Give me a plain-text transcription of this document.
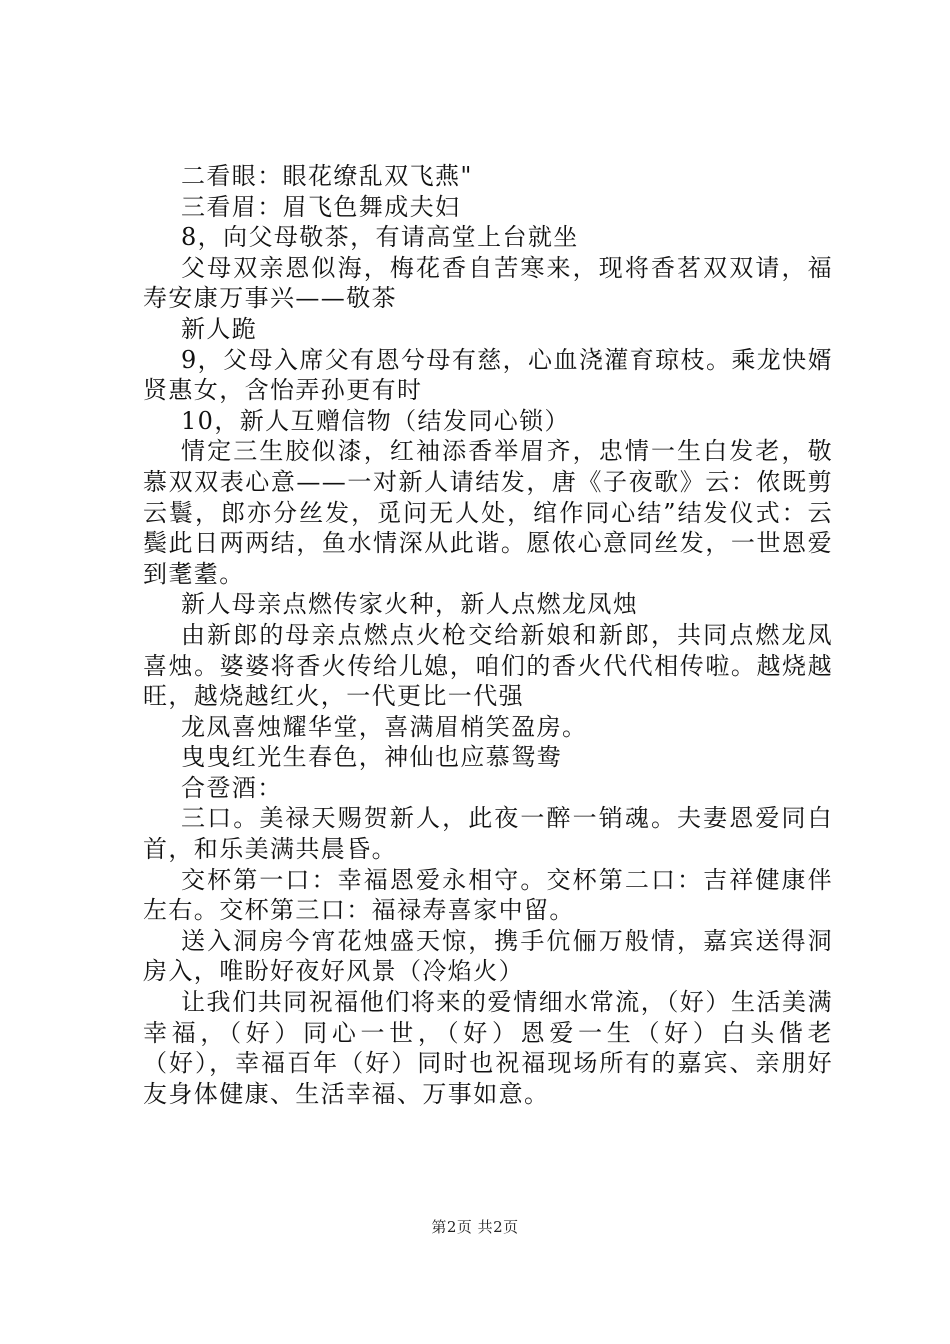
二看眼：眼花缭乱双飞燕"

三看眉：眉飞色舞成夫妇

8，向父母敬茶，有请高堂上台就坐

父母双亲恩似海，梅花香自苦寒来，现将香茗双双请，福寿安康万事兴——敬茶

新人跪

9，父母入席父有恩兮母有慈，心血浇灌育琼枝。乘龙快婿贤惠女，含怡弄孙更有时

10，新人互赠信物（结发同心锁）

情定三生胶似漆，红袖添香举眉齐，忠情一生白发老，敬慕双双表心意——一对新人请结发，唐《子夜歌》云：侬既剪云鬟，郎亦分丝发，觅问无人处，绾作同心结”结发仪式：云鬓此日两两结，鱼水情深从此谐。愿侬心意同丝发，一世恩爱到耄耋。

新人母亲点燃传家火种，新人点燃龙凤烛

由新郎的母亲点燃点火枪交给新娘和新郎，共同点燃龙凤喜烛。婆婆将香火传给儿媳，咱们的香火代代相传啦。越烧越旺，越烧越红火，一代更比一代强

龙凤喜烛耀华堂，喜满眉梢笑盈房。

曳曳红光生春色，神仙也应慕鸳鸯

合卺酒：

三口。美禄天赐贺新人，此夜一醉一销魂。夫妻恩爱同白首，和乐美满共晨昏。

交杯第一口：幸福恩爱永相守。交杯第二口：吉祥健康伴左右。交杯第三口：福禄寿喜家中留。

送入洞房今宵花烛盛天惊，携手伉俪万般情，嘉宾送得洞房入，唯盼好夜好风景（冷焰火）

让我们共同祝福他们将来的爱情细水常流，（好）生活美满幸福，（好）同心一世，（好）恩爱一生（好）白头偕老（好），幸福百年（好）同时也祝福现场所有的嘉宾、亲朋好友身体健康、生活幸福、万事如意。

第2页 共2页
